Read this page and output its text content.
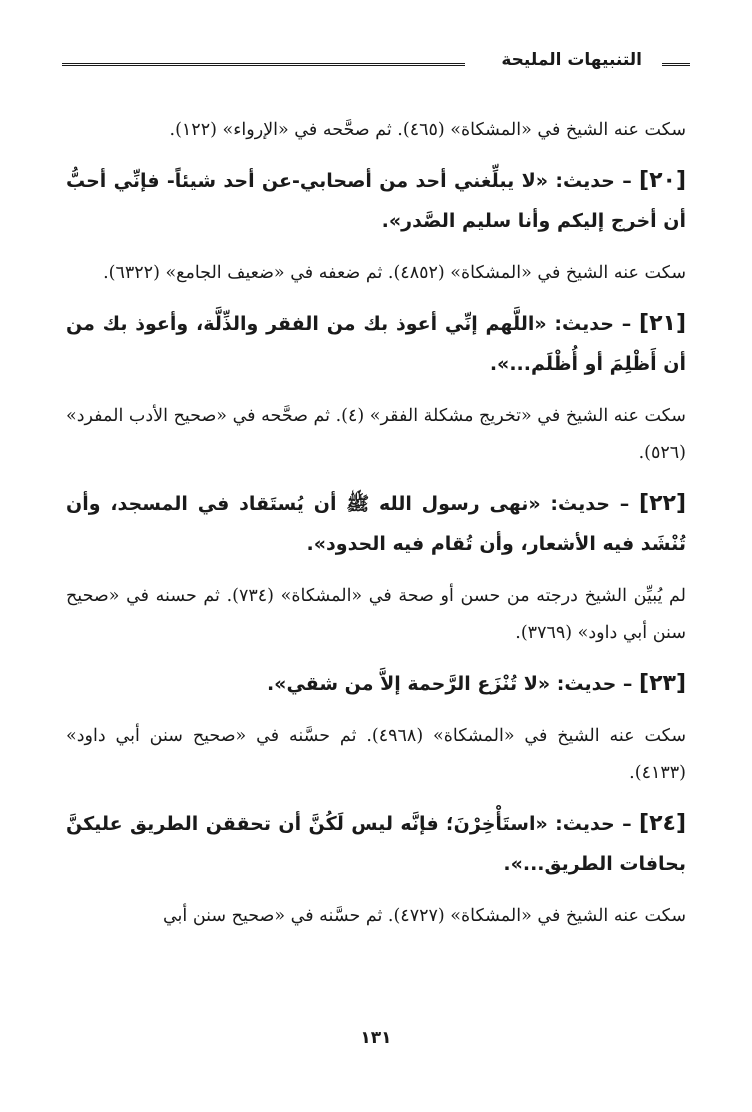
التنبيهات المليحة

سكت عنه الشيخ في «المشكاة» (٤٦٥). ثم صحَّحه في «الإرواء» (١٢٢).

[٢٠] – حديث: «لا يبلِّغني أحد من أصحابي-عن أحد شيئاً- فإنِّي أحبُّ أن أخرج إليكم وأنا سليم الصَّدر».

سكت عنه الشيخ في «المشكاة» (٤٨٥٢). ثم ضعفه في «ضعيف الجامع» (٦٣٢٢).

[٢١] – حديث: «اللَّهم إنِّي أعوذ بك من الفقر والذِّلَّة، وأعوذ بك من أن أَظْلِمَ أو أُظْلَم...».

سكت عنه الشيخ في «تخريج مشكلة الفقر» (٤). ثم صحَّحه في «صحيح الأدب المفرد» (٥٢٦).

[٢٢] – حديث: «نهى رسول الله ﷺ أن يُستَقاد في المسجد، وأن تُنْشَد فيه الأشعار، وأن تُقام فيه الحدود».

لم يُبيِّن الشيخ درجته من حسن أو صحة في «المشكاة» (٧٣٤). ثم حسنه في «صحيح سنن أبي داود» (٣٧٦٩).

[٢٣] – حديث: «لا تُنْزَع الرَّحمة إلاَّ من شقي».

سكت عنه الشيخ في «المشكاة» (٤٩٦٨). ثم حسَّنه في «صحيح سنن أبي داود» (٤١٣٣).

[٢٤] – حديث: «استَأْخِرْنَ؛ فإنَّه ليس لَكُنَّ أن تحققن الطريق عليكنَّ بحافات الطريق...».

سكت عنه الشيخ في «المشكاة» (٤٧٢٧). ثم حسَّنه في «صحيح سنن أبي

١٣١
